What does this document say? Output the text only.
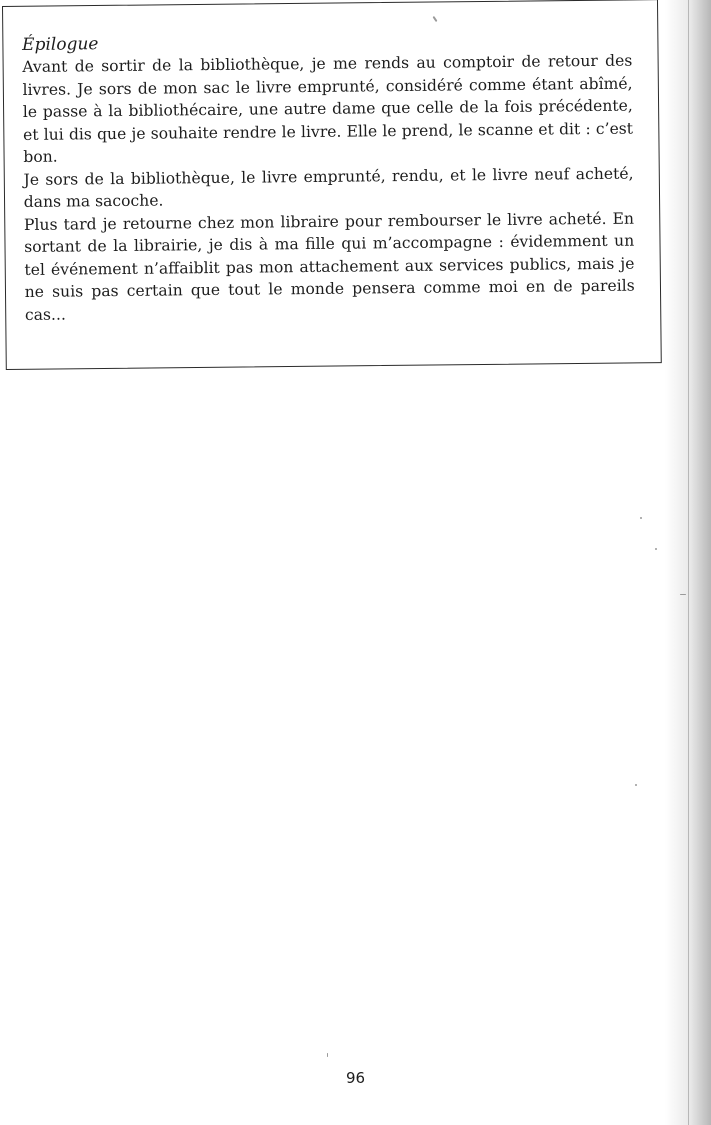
Épilogue

Avant de sortir de la bibliothèque, je me rends au comptoir de retour des livres. Je sors de mon sac le livre emprunté, considéré comme étant abîmé, le passe à la bibliothécaire, une autre dame que celle de la fois précédente, et lui dis que je souhaite rendre le livre. Elle le prend, le scanne et dit : c’est bon.

Je sors de la bibliothèque, le livre emprunté, rendu, et le livre neuf acheté, dans ma sacoche.

Plus tard je retourne chez mon libraire pour rembourser le livre acheté. En sortant de la librairie, je dis à ma fille qui m’accompagne : évidemment un tel événement n’affaiblit pas mon attachement aux services publics, mais je ne suis pas certain que tout le monde pensera comme moi en de pareils cas...

96
